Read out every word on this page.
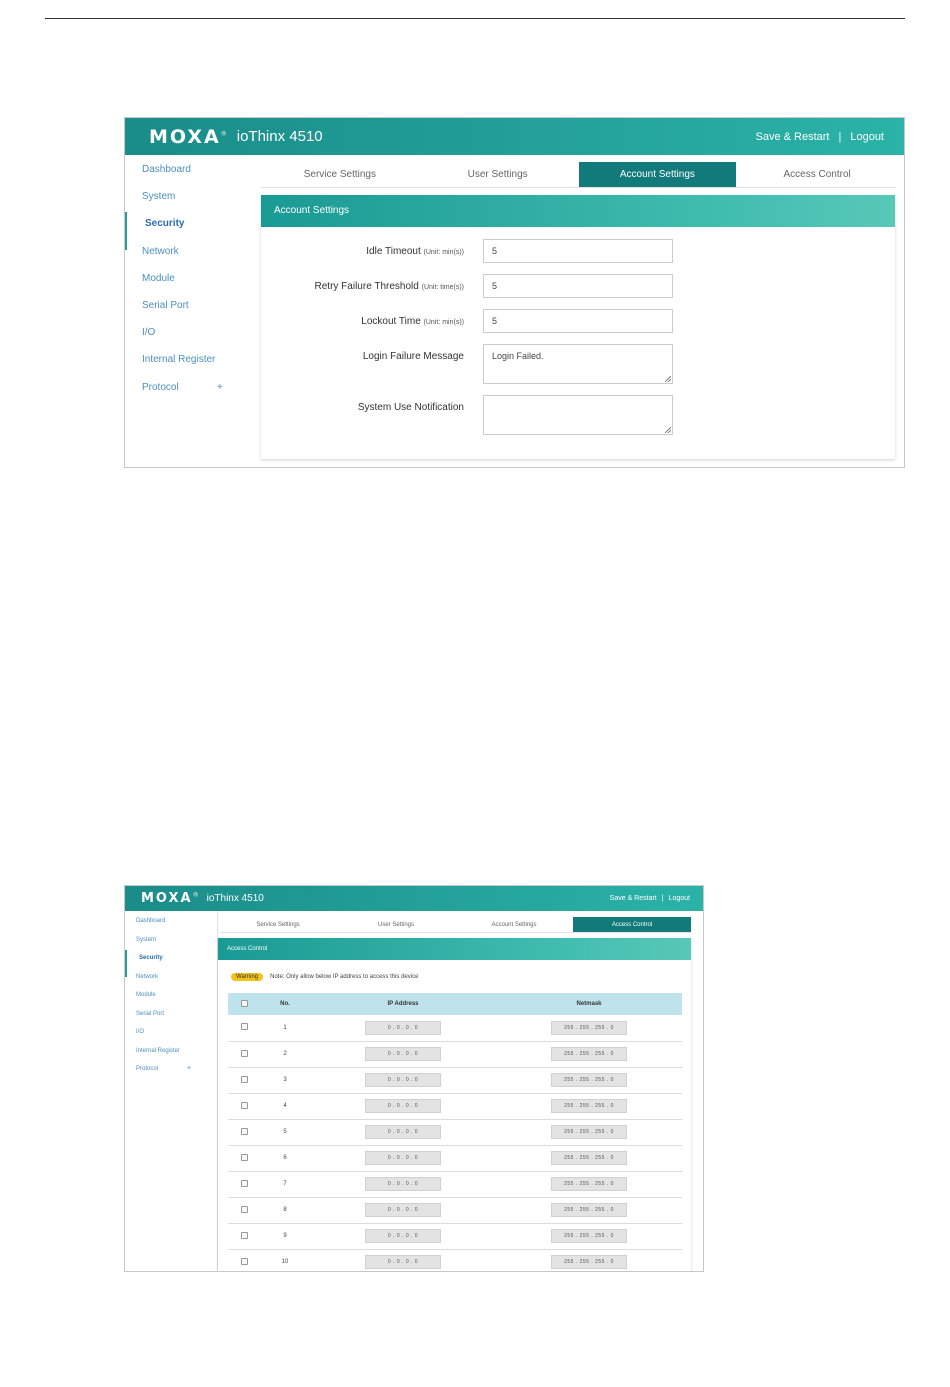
MOXA® ioThinx 4510	Save & Restart | Logout
Dashboard
System
Security
Network
Module
Serial Port
I/O
Internal Register
Protocol	+
Service Settings	User Settings	Account Settings	Access Control
Account Settings
Idle Timeout (Unit: min(s))	5
Retry Failure Threshold (Unit: time(s))	5
Lockout Time (Unit: min(s))	5
Login Failure Message	Login Failed.
System Use Notification
MOXA® ioThinx 4510	Save & Restart | Logout
Dashboard
System
Security
Network
Module
Serial Port
I/O
Internal Register
Protocol	+
Service Settings	User Settings	Account Settings	Access Control
Access Control
Warning	Note: Only allow below IP address to access this device
	No.	IP Address	Netmask
	1	0 . 0 . 0 . 0	255 . 255 . 255 . 0
	2	0 . 0 . 0 . 0	255 . 255 . 255 . 0
	3	0 . 0 . 0 . 0	255 . 255 . 255 . 0
	4	0 . 0 . 0 . 0	255 . 255 . 255 . 0
	5	0 . 0 . 0 . 0	255 . 255 . 255 . 0
	6	0 . 0 . 0 . 0	255 . 255 . 255 . 0
	7	0 . 0 . 0 . 0	255 . 255 . 255 . 0
	8	0 . 0 . 0 . 0	255 . 255 . 255 . 0
	9	0 . 0 . 0 . 0	255 . 255 . 255 . 0
	10	0 . 0 . 0 . 0	255 . 255 . 255 . 0
